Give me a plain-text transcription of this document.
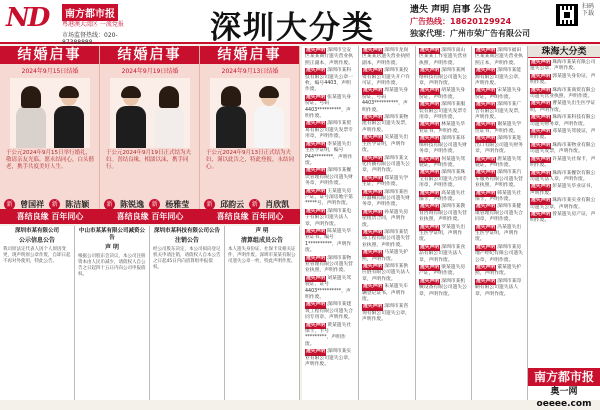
ND	南方都市报
粤港澳大湾区 一流党报
市场监督热线：020-87388888	深圳大分类	遗失 声明 启事 公告
广告热线：18620129924
独家代理：广州市荣广告有限公司
扫码下载
结婚启事
2024年9月15日结婚
于公元2024年9月15日举行婚礼，敬请亲友光临。愿永结同心，白头偕老，携手共度美好人生。
新 曾国祥 新 陈洁颖
喜结良缘 百年同心
结婚启事
2024年9月19日结婚
于公元2024年9月19日正式结为夫妇。喜结良缘，相濡以沫，携手同行。
新 陈锐逸 新 杨雅莹
喜结良缘 百年同心
结婚启事
2024年9月13日结婚
于公元2024年9月13日正式结为夫妇，谨以此告之，特此登报，永结同心。
新 邱韵云 新 肖欣凯
喜结良缘 百年同心
深圳市某有限公司
公示信息公告
我司原法定代表人因个人原因变更，现声明原公章作废，自即日起不再对外使用，特此公告。
中山市某某有限公司减资公告
声 明
根据公司股东会决议，本公司注册资本由人民币减少，请债权人自公告之日起四十五日内向公司申报债权。
深圳市某科技有限公司公告
注销公告
经公司股东决定，本公司拟向登记机关申请注销，请债权人自本公告之日起45日内向清算组申报债权。
声 明
清算组成员公告
本人遗失身份证、社保卡及相关证件，声明作废。深圳市某某有限公司遗失公章一枚，特此声明作废。
遗失声明 深圳市宝安区某某商行遗失营业执照正副本，声明作废。
遗失声明 深圳市某科技有限公司遗失公章一枚，编号4403，声明作废。
遗失声明 张某遗失身份证，号码4403**********，声明作废。
遗失声明 深圳市某贸易有限公司遗失发票专用章，声明作废。
遗失声明 李某遗失出生医学证明，编号P44********，声明作废。
遗失声明 深圳市某餐饮管理有限公司遗失财务章，声明作废。
遗失声明 王某遗失房产证，证号深房地字第*****号，声明作废。
遗失声明 深圳市某电子有限公司遗失法人章，声明作废。
遗失声明 陈某遗失毕业证书，编号1**********，声明作废。
遗失声明 深圳市某物业管理有限公司遗失营业执照，声明作废。
遗失声明 刘某遗失驾驶证，证号4403**********，声明作废。
遗失声明 深圳市某建筑工程有限公司遗失合同专用章，声明作废。
遗失声明 黄某遗失社保卡，卡号*********，声明作废。
遗失声明 深圳市某实业有限公司遗失公章，声明作废。
遗失声明 深圳市龙岗区某某店遗失营业执照副本，声明作废。
遗失声明 深圳市某投资有限公司遗失开户许可证，声明作废。
遗失声明 周某遗失身份证，号码4403**********，声明作废。
遗失声明 深圳市某物流有限公司遗失发票，声明作废。
遗失声明 吴某遗失出生医学证明，声明作废。
遗失声明 深圳市某文化传播有限公司遗失公章，声明作废。
遗失声明 郑某遗失学生证，声明作废。
遗失声明 深圳市某医疗器械有限公司遗失财务章，声明作废。
遗失声明 孙某遗失房屋租赁合同，声明作废。
遗失声明 深圳市某装饰工程有限公司遗失营业执照，声明作废。
遗失声明 马某遗失护照，声明作废。
遗失声明 深圳市某供应链有限公司遗失法人章，声明作废。
遗失声明 朱某遗失车辆登记证书，声明作废。
遗失声明 深圳市某咨询有限公司遗失公章，声明作废。
遗失声明 深圳市南山区某某工作室遗失营业执照，声明作废。
遗失声明 深圳市某网络科技有限公司遗失公章，声明作废。
遗失声明 胡某遗失身份证，声明作废。
遗失声明 深圳市某服装有限公司遗失发票专用章，声明作废。
遗失声明 林某遗失毕业证书，声明作废。
遗失声明 深圳市某环保科技有限公司遗失财务章，声明作废。
遗失声明 何某遗失驾驶证，声明作废。
遗失声明 深圳市某珠宝有限公司遗失合同专用章，声明作废。
遗失声明 高某遗失社保卡，声明作废。
遗失声明 深圳市某教育咨询有限公司遗失营业执照，声明作废。
遗失声明 罗某遗失出生医学证明，声明作废。
遗失声明 深圳市某食品有限公司遗失法人章，声明作废。
遗失声明 梁某遗失房产证，声明作废。
遗失声明 深圳市某机械设备有限公司遗失公章，声明作废。
遗失声明 深圳市福田区某某商店遗失营业执照正本，声明作废。
遗失声明 深圳市某能源有限公司遗失公章，声明作废。
遗失声明 宋某遗失身份证，声明作废。
遗失声明 深圳市某广告有限公司遗失发票，声明作废。
遗失声明 谢某遗失学位证书，声明作废。
遗失声明 深圳市某进出口有限公司遗失财务章，声明作废。
遗失声明 唐某遗失驾驶证，声明作废。
遗失声明 深圳市某汽车服务有限公司遗失营业执照，声明作废。
遗失声明 韩某遗失社保卡，声明作废。
遗失声明 深圳市某健康管理有限公司遗失合同章，声明作废。
遗失声明 冯某遗失出生医学证明，声明作废。
遗失声明 深圳市某房地产经纪有限公司遗失公章，声明作废。
遗失声明 董某遗失护照，声明作废。
遗失声明 深圳市某印刷有限公司遗失法人章，声明作废。
珠海大分类
遗失声明 珠海市某某有限公司遗失公章，声明作废。
遗失声明 郭某遗失身份证，声明作废。
遗失声明 珠海市某商贸有限公司遗失营业执照，声明作废。
遗失声明 曹某遗失出生医学证明，声明作废。
遗失声明 珠海市某科技有限公司遗失财务章，声明作废。
遗失声明 邓某遗失驾驶证，声明作废。
遗失声明 珠海市某物业有限公司遗失发票，声明作废。
遗失声明 许某遗失社保卡，声明作废。
遗失声明 珠海市某餐饮有限公司遗失法人章，声明作废。
遗失声明 彭某遗失毕业证书，声明作废。
遗失声明 珠海市某实业有限公司遗失公章，声明作废。
遗失声明 曾某遗失房产证，声明作废。
南方都市报
奥一网 oeeee.com
